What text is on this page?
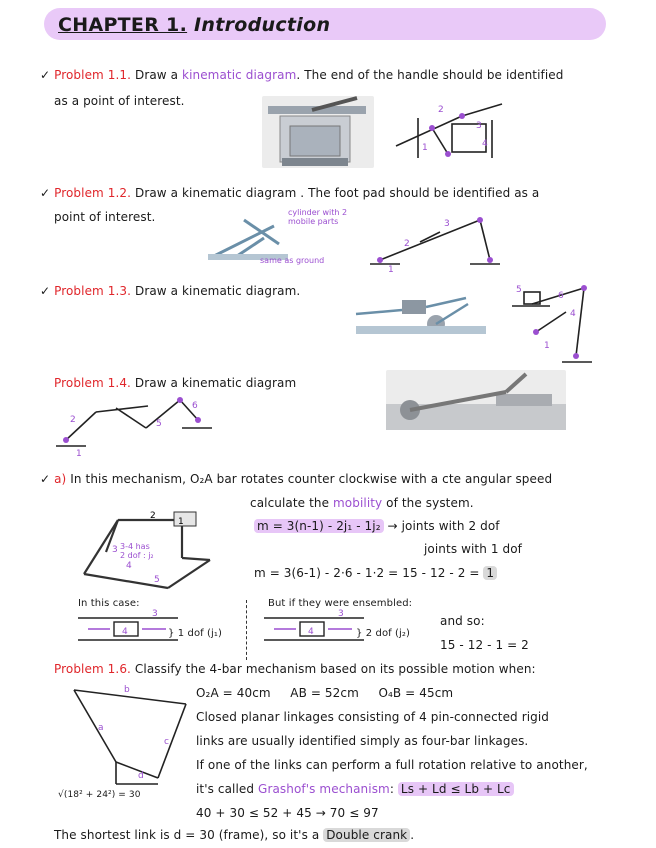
CHAPTER 1. Introduction
✓ Problem 1.1. Draw a kinematic diagram. The end of the handle should be identified
as a point of interest.
2
3
1	4
✓ Problem 1.2. Draw a kinematic diagram . The foot pad should be identified as a
point of interest.	cylinder with 2
mobile parts
same as ground
2
3
1
✓ Problem 1.3. Draw a kinematic diagram.	6
4
5
1
Problem 1.4. Draw a kinematic diagram
2	5
6
1
✓ a) In this mechanism, O₂A bar rotates counter clockwise with a cte angular speed
calculate the mobility of the system.
2
5
3
1
4
3-4 has
2 dof : j₂
m = 3(n-1) - 2j₁ - 1j₂ → joints with 2 dof
joints with 1 dof
m = 3(6-1) - 2·6 - 1·2 = 15 - 12 - 2 = 1
In this case:
4
3
} 1 dof (j₁)
But if they were ensembled:
4
3
} 2 dof (j₂)
and so:
15 - 12 - 1 = 2
Problem 1.6. Classify the 4-bar mechanism based on its possible motion when:
b
a
c
d
√(18² + 24²) = 30
O₂A = 40cm AB = 52cm O₄B = 45cm
Closed planar linkages consisting of 4 pin-connected rigid
links are usually identified simply as four-bar linkages.
If one of the links can perform a full rotation relative to another,
it's called Grashof's mechanism: Ls + Ld ≤ Lb + Lc
40 + 30 ≤ 52 + 45 → 70 ≤ 97
The shortest link is d = 30 (frame), so it's a Double crank .
